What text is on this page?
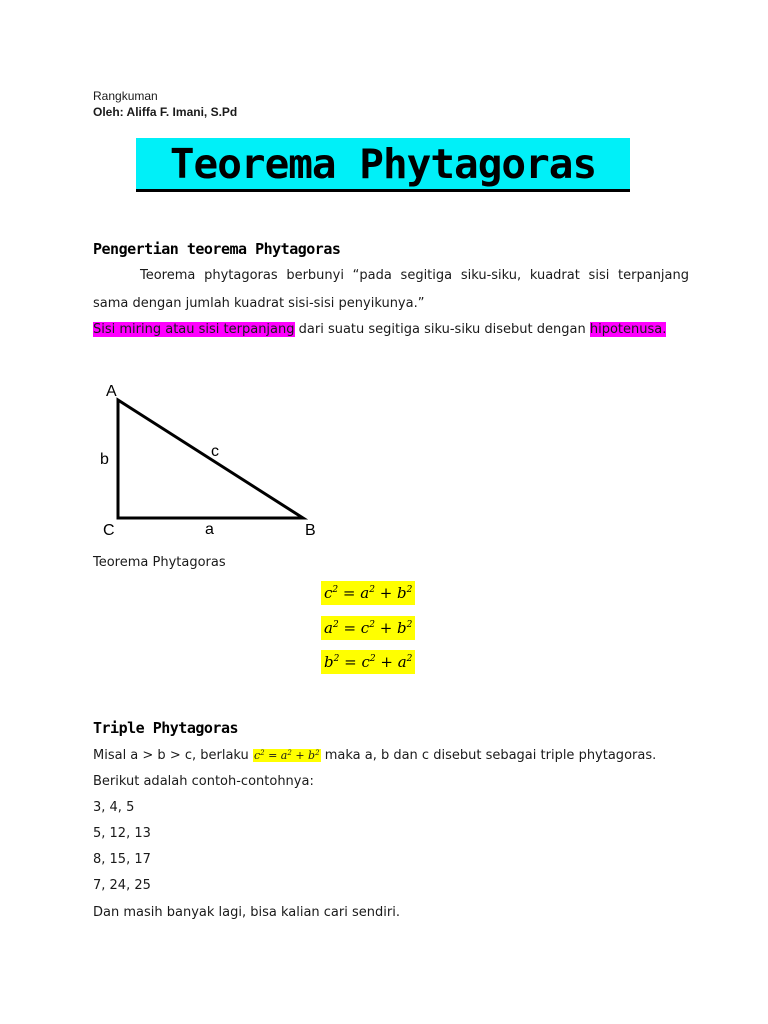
Rangkuman
Oleh: Aliffa F. Imani, S.Pd
Teorema Phytagoras
Pengertian teorema Phytagoras
Teorema phytagoras berbunyi “pada segitiga siku-siku, kuadrat sisi terpanjang
sama dengan jumlah kuadrat sisi-sisi penyikunya.”
Sisi miring atau sisi terpanjang dari suatu segitiga siku-siku disebut dengan hipotenusa.
A
B
C	a
b	c
Teorema Phytagoras
$c^2 = a^2 + b^2$
$a^2 = c^2 + b^2$
$b^2 = c^2 + a^2$
Triple Phytagoras
Misal a > b > c, berlaku $c^2 = a^2 + b^2$ maka a, b dan c disebut sebagai triple phytagoras.
Berikut adalah contoh-contohnya:
3, 4, 5
5, 12, 13
8, 15, 17
7, 24, 25
Dan masih banyak lagi, bisa kalian cari sendiri.
